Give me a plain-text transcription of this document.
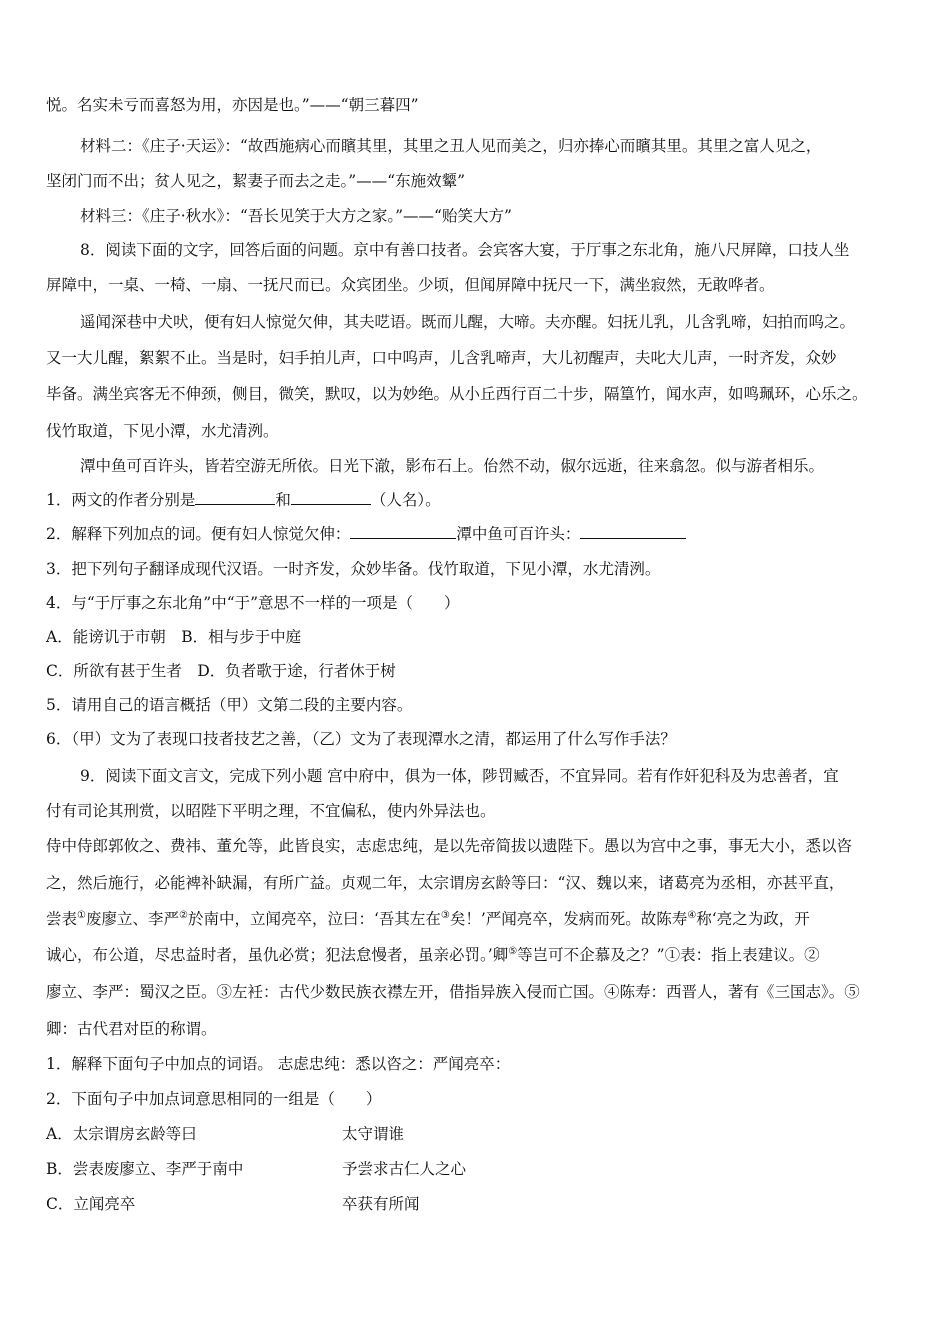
悦。名实未亏而喜怒为用，亦因是也。”——“朝三暮四”
材料二：《庄子·天运》：“故西施病心而矉其里，其里之丑人见而美之，归亦捧心而矉其里。其里之富人见之，
坚闭门而不出；贫人见之，絜妻子而去之走。”——“东施效颦”
材料三：《庄子·秋水》：“吾长见笑于大方之家。”——“贻笑大方”
8．阅读下面的文字，回答后面的问题。京中有善口技者。会宾客大宴，于厅事之东北角，施八尺屏障，口技人坐
屏障中，一桌、一椅、一扇、一抚尺而已。众宾团坐。少顷，但闻屏障中抚尺一下，满坐寂然，无敢哗者。
遥闻深巷中犬吠，便有妇人惊觉欠伸，其夫呓语。既而儿醒，大啼。夫亦醒。妇抚儿乳，儿含乳啼，妇拍而呜之。
又一大儿醒，絮絮不止。当是时，妇手拍儿声，口中呜声，儿含乳啼声，大儿初醒声，夫叱大儿声，一时齐发，众妙
毕备。满坐宾客无不伸颈，侧目，微笑，默叹，以为妙绝。从小丘西行百二十步，隔篁竹，闻水声，如鸣珮环，心乐之。
伐竹取道，下见小潭，水尤清洌。
潭中鱼可百许头，皆若空游无所依。日光下澈，影布石上。佁然不动，俶尔远逝，往来翕忽。似与游者相乐。
1．两文的作者分别是	和	（人名）。
2．解释下列加点的词。便有妇人惊觉欠伸：	潭中鱼可百许头：
3．把下列句子翻译成现代汉语。一时齐发，众妙毕备。伐竹取道，下见小潭，水尤清洌。
4．与“于厅事之东北角”中“于”意思不一样的一项是（　　）
A．能谤讥于市朝　B．相与步于中庭
C．所欲有甚于生者　D．负者歌于途，行者休于树
5．请用自己的语言概括（甲）文第二段的主要内容。
6．（甲）文为了表现口技者技艺之善，（乙）文为了表现潭水之清，都运用了什么写作手法？
9．阅读下面文言文，完成下列小题 宫中府中，俱为一体，陟罚臧否，不宜异同。若有作奸犯科及为忠善者，宜
付有司论其刑赏，以昭陛下平明之理，不宜偏私，使内外异法也。
侍中侍郎郭攸之、费祎、董允等，此皆良实，志虑忠纯，是以先帝简拔以遗陛下。愚以为宫中之事，事无大小，悉以咨
之，然后施行，必能裨补缺漏，有所广益。贞观二年，太宗谓房玄龄等曰：“汉、魏以来，诸葛亮为丞相，亦甚平直，
尝表①废廖立、李严②於南中，立闻亮卒，泣曰：‘吾其左在③矣！’严闻亮卒，发病而死。故陈寿④称‘亮之为政，开
诚心，布公道，尽忠益时者，虽仇必赏；犯法怠慢者，虽亲必罚。’卿⑤等岂可不企慕及之？”①表：指上表建议。②
廖立、李严：蜀汉之臣。③左衽：古代少数民族衣襟左开，借指异族入侵而亡国。④陈寿：西晋人，著有《三国志》。⑤
卿：古代君对臣的称谓。
1．解释下面句子中加点的词语。 志虑忠纯：悉以咨之：严闻亮卒：
2．下面句子中加点词意思相同的一组是（　　）
A．太宗谓房玄龄等曰	太守谓谁
B．尝表废廖立、李严于南中	予尝求古仁人之心
C．立闻亮卒	卒获有所闻
